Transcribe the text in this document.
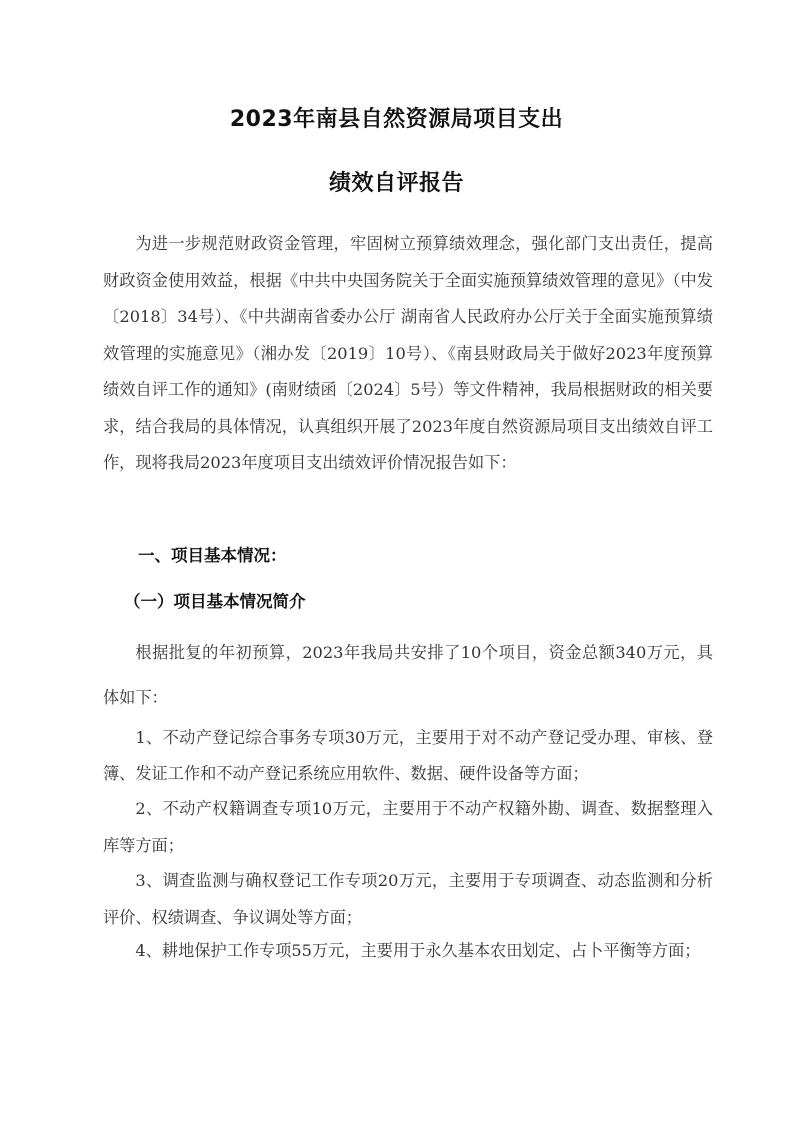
2023年南县自然资源局项目支出
绩效自评报告

为进一步规范财政资金管理，牢固树立预算绩效理念，强化部门支出责任，提高财政资金使用效益，根据《中共中央国务院关于全面实施预算绩效管理的意见》（中发〔2018〕34号）、《中共湖南省委办公厅 湖南省人民政府办公厅关于全面实施预算绩效管理的实施意见》（湘办发〔2019〕10号）、《南县财政局关于做好2023年度预算绩效自评工作的通知》(南财绩函〔2024〕5号）等文件精神，我局根据财政的相关要求，结合我局的具体情况，认真组织开展了2023年度自然资源局项目支出绩效自评工作，现将我局2023年度项目支出绩效评价情况报告如下：

一、项目基本情况：
（一）项目基本情况简介

根据批复的年初预算，2023年我局共安排了10个项目，资金总额340万元，具体如下：

1、不动产登记综合事务专项30万元，主要用于对不动产登记受办理、审核、登簿、发证工作和不动产登记系统应用软件、数据、硬件设备等方面；

2、不动产权籍调查专项10万元，主要用于不动产权籍外勘、调查、数据整理入库等方面；

3、调查监测与确权登记工作专项20万元，主要用于专项调查、动态监测和分析评价、权绩调查、争议调处等方面；

4、耕地保护工作专项55万元，主要用于永久基本农田划定、占卜平衡等方面；
